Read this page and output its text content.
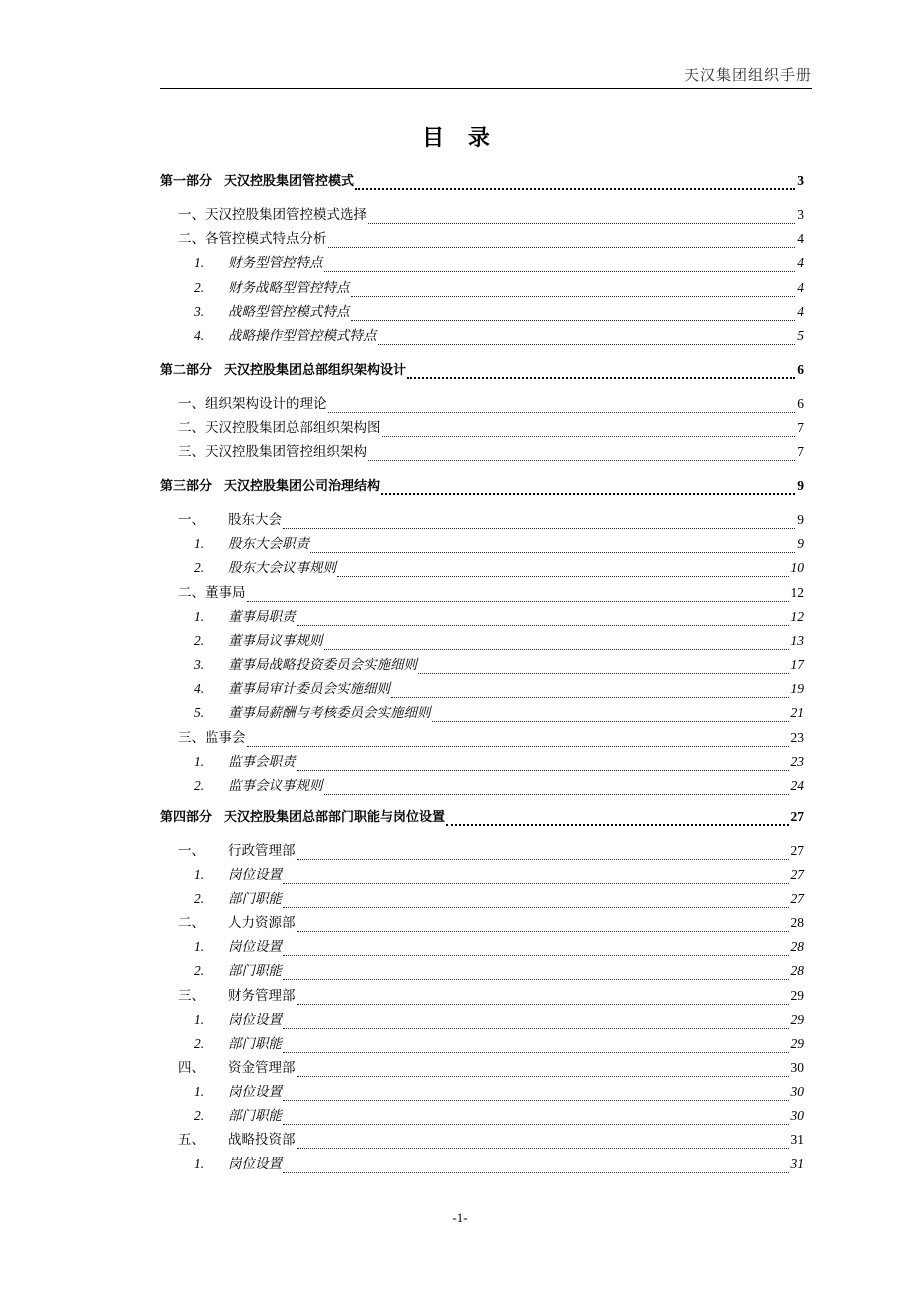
天汉集团组织手册
目 录
第一部分 天汉控股集团管控模式	3
一、 天汉控股集团管控模式选择	3
二、 各管控模式特点分析	4
1.	财务型管控特点	4
2.	财务战略型管控特点	4
3.	战略型管控模式特点	4
4.	战略操作型管控模式特点	5
第二部分 天汉控股集团总部组织架构设计	6
一、 组织架构设计的理论	6
二、 天汉控股集团总部组织架构图	7
三、 天汉控股集团管控组织架构	7
第三部分 天汉控股集团公司治理结构	9
一、	股东大会	9
1.	股东大会职责	9
2.	股东大会议事规则	10
二、 董事局	12
1.	董事局职责	12
2.	董事局议事规则	13
3.	董事局战略投资委员会实施细则	17
4.	董事局审计委员会实施细则	19
5.	董事局薪酬与考核委员会实施细则	21
三、 监事会	23
1.	监事会职责	23
2.	监事会议事规则	24
第四部分 天汉控股集团总部部门职能与岗位设置	27
一、	行政管理部	27
1.	岗位设置	27
2.	部门职能	27
二、	人力资源部	28
1.	岗位设置	28
2.	部门职能	28
三、	财务管理部	29
1.	岗位设置	29
2.	部门职能	29
四、	资金管理部	30
1.	岗位设置	30
2.	部门职能	30
五、	战略投资部	31
1.	岗位设置	31
-1-
